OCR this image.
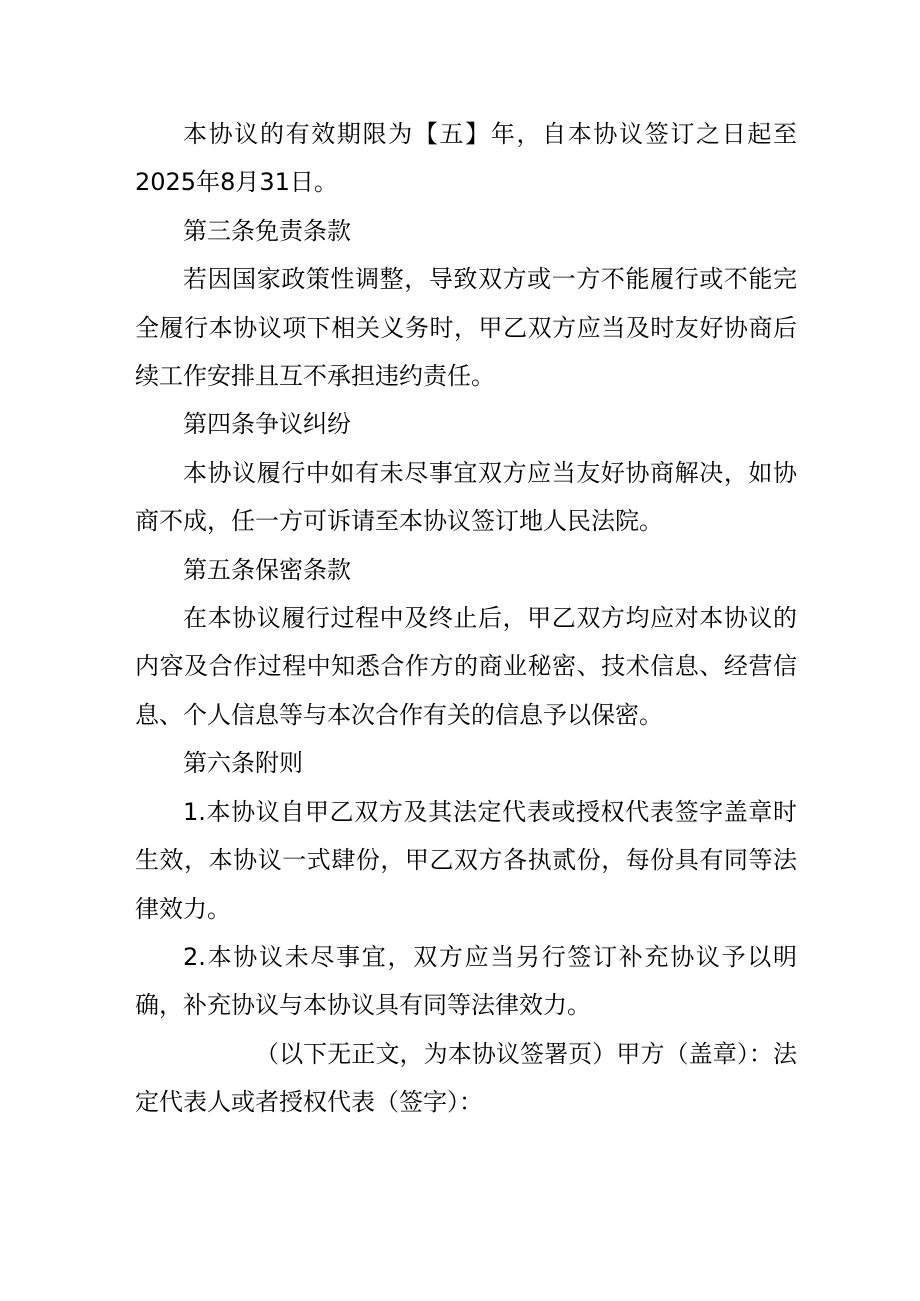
本协议的有效期限为【五】年，自本协议签订之日起至2025年8月31日。

第三条免责条款

若因国家政策性调整，导致双方或一方不能履行或不能完全履行本协议项下相关义务时，甲乙双方应当及时友好协商后续工作安排且互不承担违约责任。

第四条争议纠纷

本协议履行中如有未尽事宜双方应当友好协商解决，如协商不成，任一方可诉请至本协议签订地人民法院。

第五条保密条款

在本协议履行过程中及终止后，甲乙双方均应对本协议的内容及合作过程中知悉合作方的商业秘密、技术信息、经营信息、个人信息等与本次合作有关的信息予以保密。

第六条附则

1.本协议自甲乙双方及其法定代表或授权代表签字盖章时生效，本协议一式肆份，甲乙双方各执贰份，每份具有同等法律效力。

2.本协议未尽事宜，双方应当另行签订补充协议予以明确，补充协议与本协议具有同等法律效力。

（以下无正文，为本协议签署页）甲方（盖章）：法定代表人或者授权代表（签字）：
